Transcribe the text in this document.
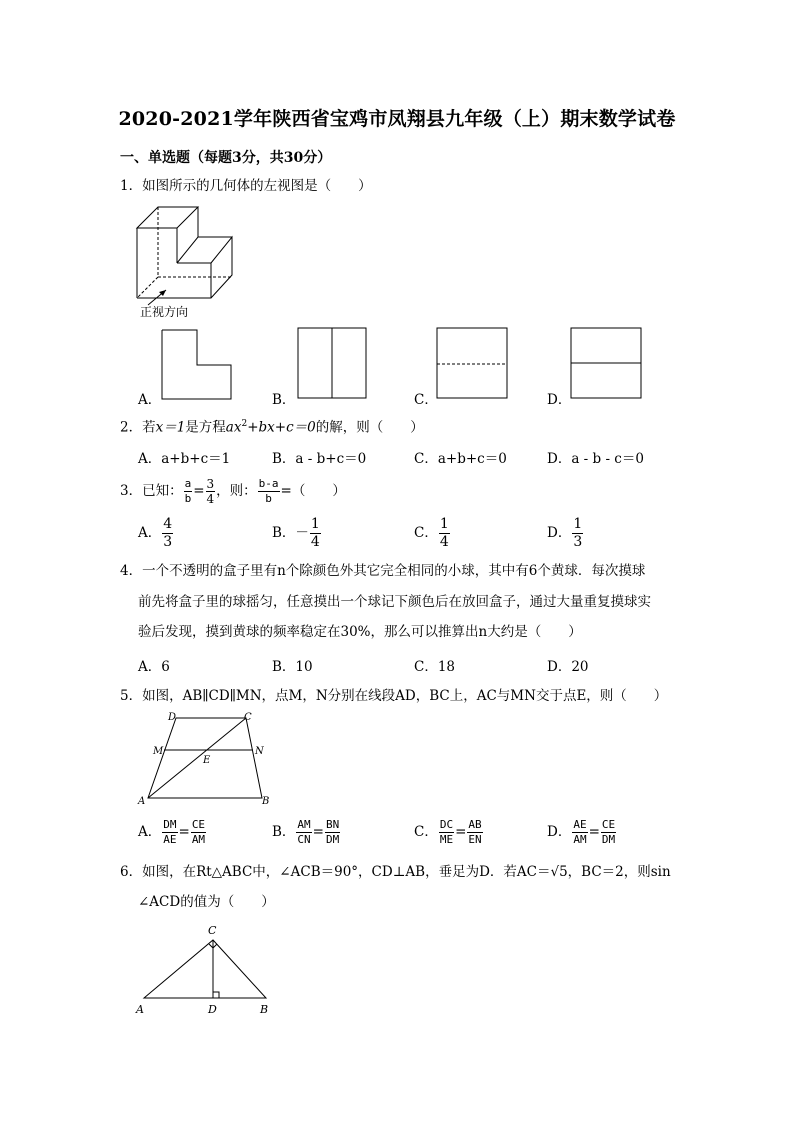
2020-2021学年陕西省宝鸡市凤翔县九年级（上）期末数学试卷
一、单选题（每题3分，共30分）
1．如图所示的几何体的左视图是（　　）
正视方向
A．	B．	C．	D．
2．若x＝1是方程$ax^2+bx+c=0$的解，则（　　）
A．a+b+c＝1	B．a - b+c＝0	C．a+b+c＝0	D．a - b - c＝0
3．已知： $\frac{a}{b} = \frac{3}{4}$ ，则： $\frac{b-a}{b}$ =（　　）
A． $\frac{4}{3}$	B．－ $\frac{1}{4}$	C． $\frac{1}{4}$	D． $\frac{1}{3}$
4．一个不透明的盒子里有n个除颜色外其它完全相同的小球，其中有6个黄球．每次摸球
前先将盒子里的球摇匀，任意摸出一个球记下颜色后在放回盒子，通过大量重复摸球实
验后发现，摸到黄球的频率稳定在30%，那么可以推算出n大约是（　　）
A．6	B．10	C．18	D．20
5．如图，AB∥CD∥MN，点M，N分别在线段AD，BC上，AC与MN交于点E，则（　　）
D	C
M	N
E
A	B
A． $\frac{DM}{AE} = \frac{CE}{AM}$	B． $\frac{AM}{CN} = \frac{BN}{DM}$	C． $\frac{DC}{ME} = \frac{AB}{EN}$	D． $\frac{AE}{AM} = \frac{CE}{DM}$
6．如图，在Rt△ABC中，∠ACB＝90°，CD⊥AB，垂足为D．若AC＝√5，BC＝2，则sin
∠ACD的值为（　　）
C
A	D	B
